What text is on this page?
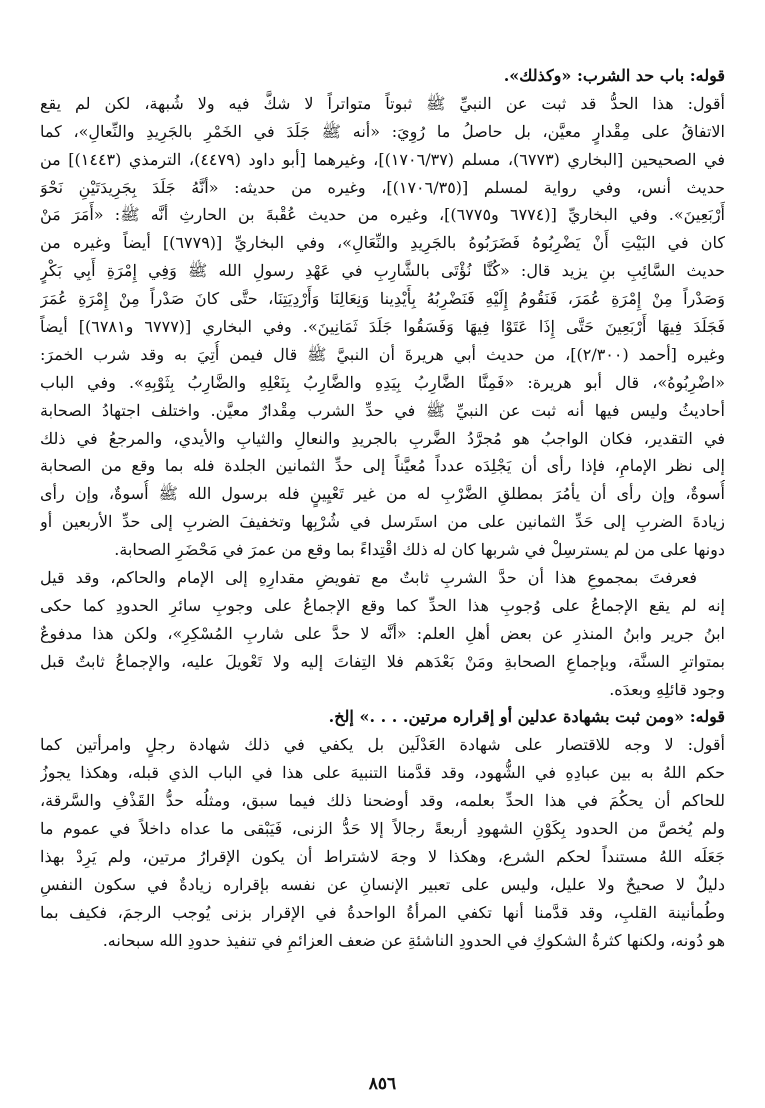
قوله: باب حد الشرب: «وكذلك».
أقول: هذا الحدُّ قد ثبت عن النبيِّ ﷺ ثبوتاً متواتراً لا شكَّ فيه ولا شُبهة، لكن لم يقع
الاتفاقُ على مِقْدارٍ معيَّن، بل حاصلُ ما رُوِيَ: «أنه ﷺ جَلَدَ في الخَمْرِ بالجَرِيدِ والنِّعالِ»، كما
في الصحيحين [البخاري (٦٧٧٣)، مسلم (١٧٠٦/٣٧)]، وغيرهما [أبو داود (٤٤٧٩)، الترمذي (١٤٤٣)] من
حديث أنس، وفي رواية لمسلم [(١٧٠٦/٣٥)]، وغيره من حديثه: «أنَّهُ جَلَدَ بِجَرِيدَتَيْنِ نَحْوَ
أَرْبَعِينَ». وفي البخاريِّ [(٦٧٧٤ و٦٧٧٥)]، وغيره من حديث عُقْبةَ بن الحارثِ أنَّه ﷺ: «أَمَرَ مَنْ
كان في البَيْتِ أَنْ يَضْرِبُوهُ فَضَرَبُوهُ بالجَرِيدِ والنِّعَالِ»، وفي البخاريِّ [(٦٧٧٩)] أيضاً وغيره من
حديث السَّائِبِ بنِ يزيد قال: «كُنَّا نُؤْتَى بالشَّارِبِ في عَهْدِ رسولِ الله ﷺ وَفِي إِمْرَةِ أَبِي بَكْرٍ
وَصَدْراً مِنْ إِمْرَةِ عُمَرَ، فَنَقُومُ إِلَيْهِ فَنَضْرِبُهُ بِأَيْدِينا وَنِعَالِنَا وَأَرْدِيَتِنَا، حتَّى كانَ صَدْراً مِنْ إِمْرَةِ عُمَرَ
فَجَلَدَ فِيهَا أَرْبَعِينَ حَتَّى إِذَا عَتَوْا فِيهَا وَفَسَقُوا جَلَدَ ثَمَانِينَ». وفي البخاري [(٦٧٧٧ و٦٧٨١)] أيضاً
وغيره [أحمد (٢/٣٠٠)]، من حديث أبي هريرةَ أن النبيَّ ﷺ قال فيمن أُتِيَ به وقد شرب الخمرَ:
«اضْرِبُوهُ»، قال أبو هريرة: «فَمِنَّا الضَّارِبُ بِيَدِهِ والضَّارِبُ بِنَعْلِهِ والضَّارِبُ بِثَوْبِهِ». وفي الباب
أحاديثُ وليس فيها أنه ثبت عن النبيِّ ﷺ في حدِّ الشرب مِقْدارٌ معيَّن. واختلف اجتهادُ الصحابة
في التقدير، فكان الواجبُ هو مُجرَّدُ الضَّربِ بالجريدِ والنعالِ والثيابِ والأيدي، والمرجعُ في ذلك
إلى نظر الإمامِ، فإذا رأى أن يَجْلِدَه عدداً مُعيَّناً إلى حدِّ الثمانين الجلدة فله بما وقع من الصحابة
أُسوةٌ، وإن رأى أن يأمُرَ بمطلقِ الضَّرْبِ له من غير تَعْيِينٍ فله برسول الله ﷺ أُسوةٌ، وإن رأى
زيادةَ الضربِ إلى حَدِّ الثمانين على من استَرسل في شُرْبِها وتخفيفَ الضربِ إلى حدِّ الأربعين أو
دونها على من لم يسترسِلْ في شربها كان له ذلك اقْتِداءً بما وقع من عمرَ في مَحْضَرِ الصحابة.
فعرفتَ بمجموعِ هذا أن حدَّ الشربِ ثابتٌ مع تفويضِ مقدارِهِ إلى الإمام والحاكم، وقد قيل
إنه لم يقع الإجماعُ على وُجوبِ هذا الحدِّ كما وقع الإجماعُ على وجوبِ سائرِ الحدودِ كما حكى
ابنُ جرير وابنُ المنذرِ عن بعض أهلِ العلم: «أنَّه لا حدَّ على شاربِ المُسْكِرِ»، ولكن هذا مدفوعٌ
بمتواترِ السنَّة، وبإجماعِ الصحابةِ ومَنْ بَعْدَهم فلا التِفاتَ إليه ولا تَعْويلَ عليه، والإجماعُ ثابتٌ قبل
وجود قائلِهِ وبعدَه.
قوله: «ومن ثبت بشهادة عدلين أو إقراره مرتين. . . .» إلخ.
أقول: لا وجه للاقتصار على شهادة العَدْلَين بل يكفي في ذلك شهادة رجلٍ وامرأتين كما
حكم اللهُ به بين عبادِهِ في الشُّهود، وقد قدَّمنا التنبيهَ على هذا في الباب الذي قبله، وهكذا يجوزُ
للحاكم أن يحكُمَ في هذا الحدِّ بعلمه، وقد أوضحنا ذلك فيما سبق، ومثلُه حدُّ القَذْفِ والسَّرقة،
ولم يُخصَّ من الحدود بِكَوْنِ الشهودِ أربعةً رجالاً إلا حَدُّ الزنى، فَيَبْقى ما عداه داخلاً في عموم ما
جَعَلَه اللهُ مستنداً لحكم الشرع، وهكذا لا وجهَ لاشتراط أن يكون الإقرارُ مرتين، ولم يَرِدْ بهذا
دليلٌ لا صحيحٌ ولا عليل، وليس على تعبير الإنسانِ عن نفسه بإقراره زيادةٌ في سكون النفسِ
وطُمأنينة القلبِ، وقد قدَّمنا أنها تكفي المرأةُ الواحدةُ في الإقرار بزنى يُوجب الرجمَ، فكيف بما
هو دُونه، ولكنها كثرةُ الشكوكِ في الحدودِ الناشئةِ عن ضعف العزائمِ في تنفيذ حدودِ الله سبحانه.
٨٥٦
